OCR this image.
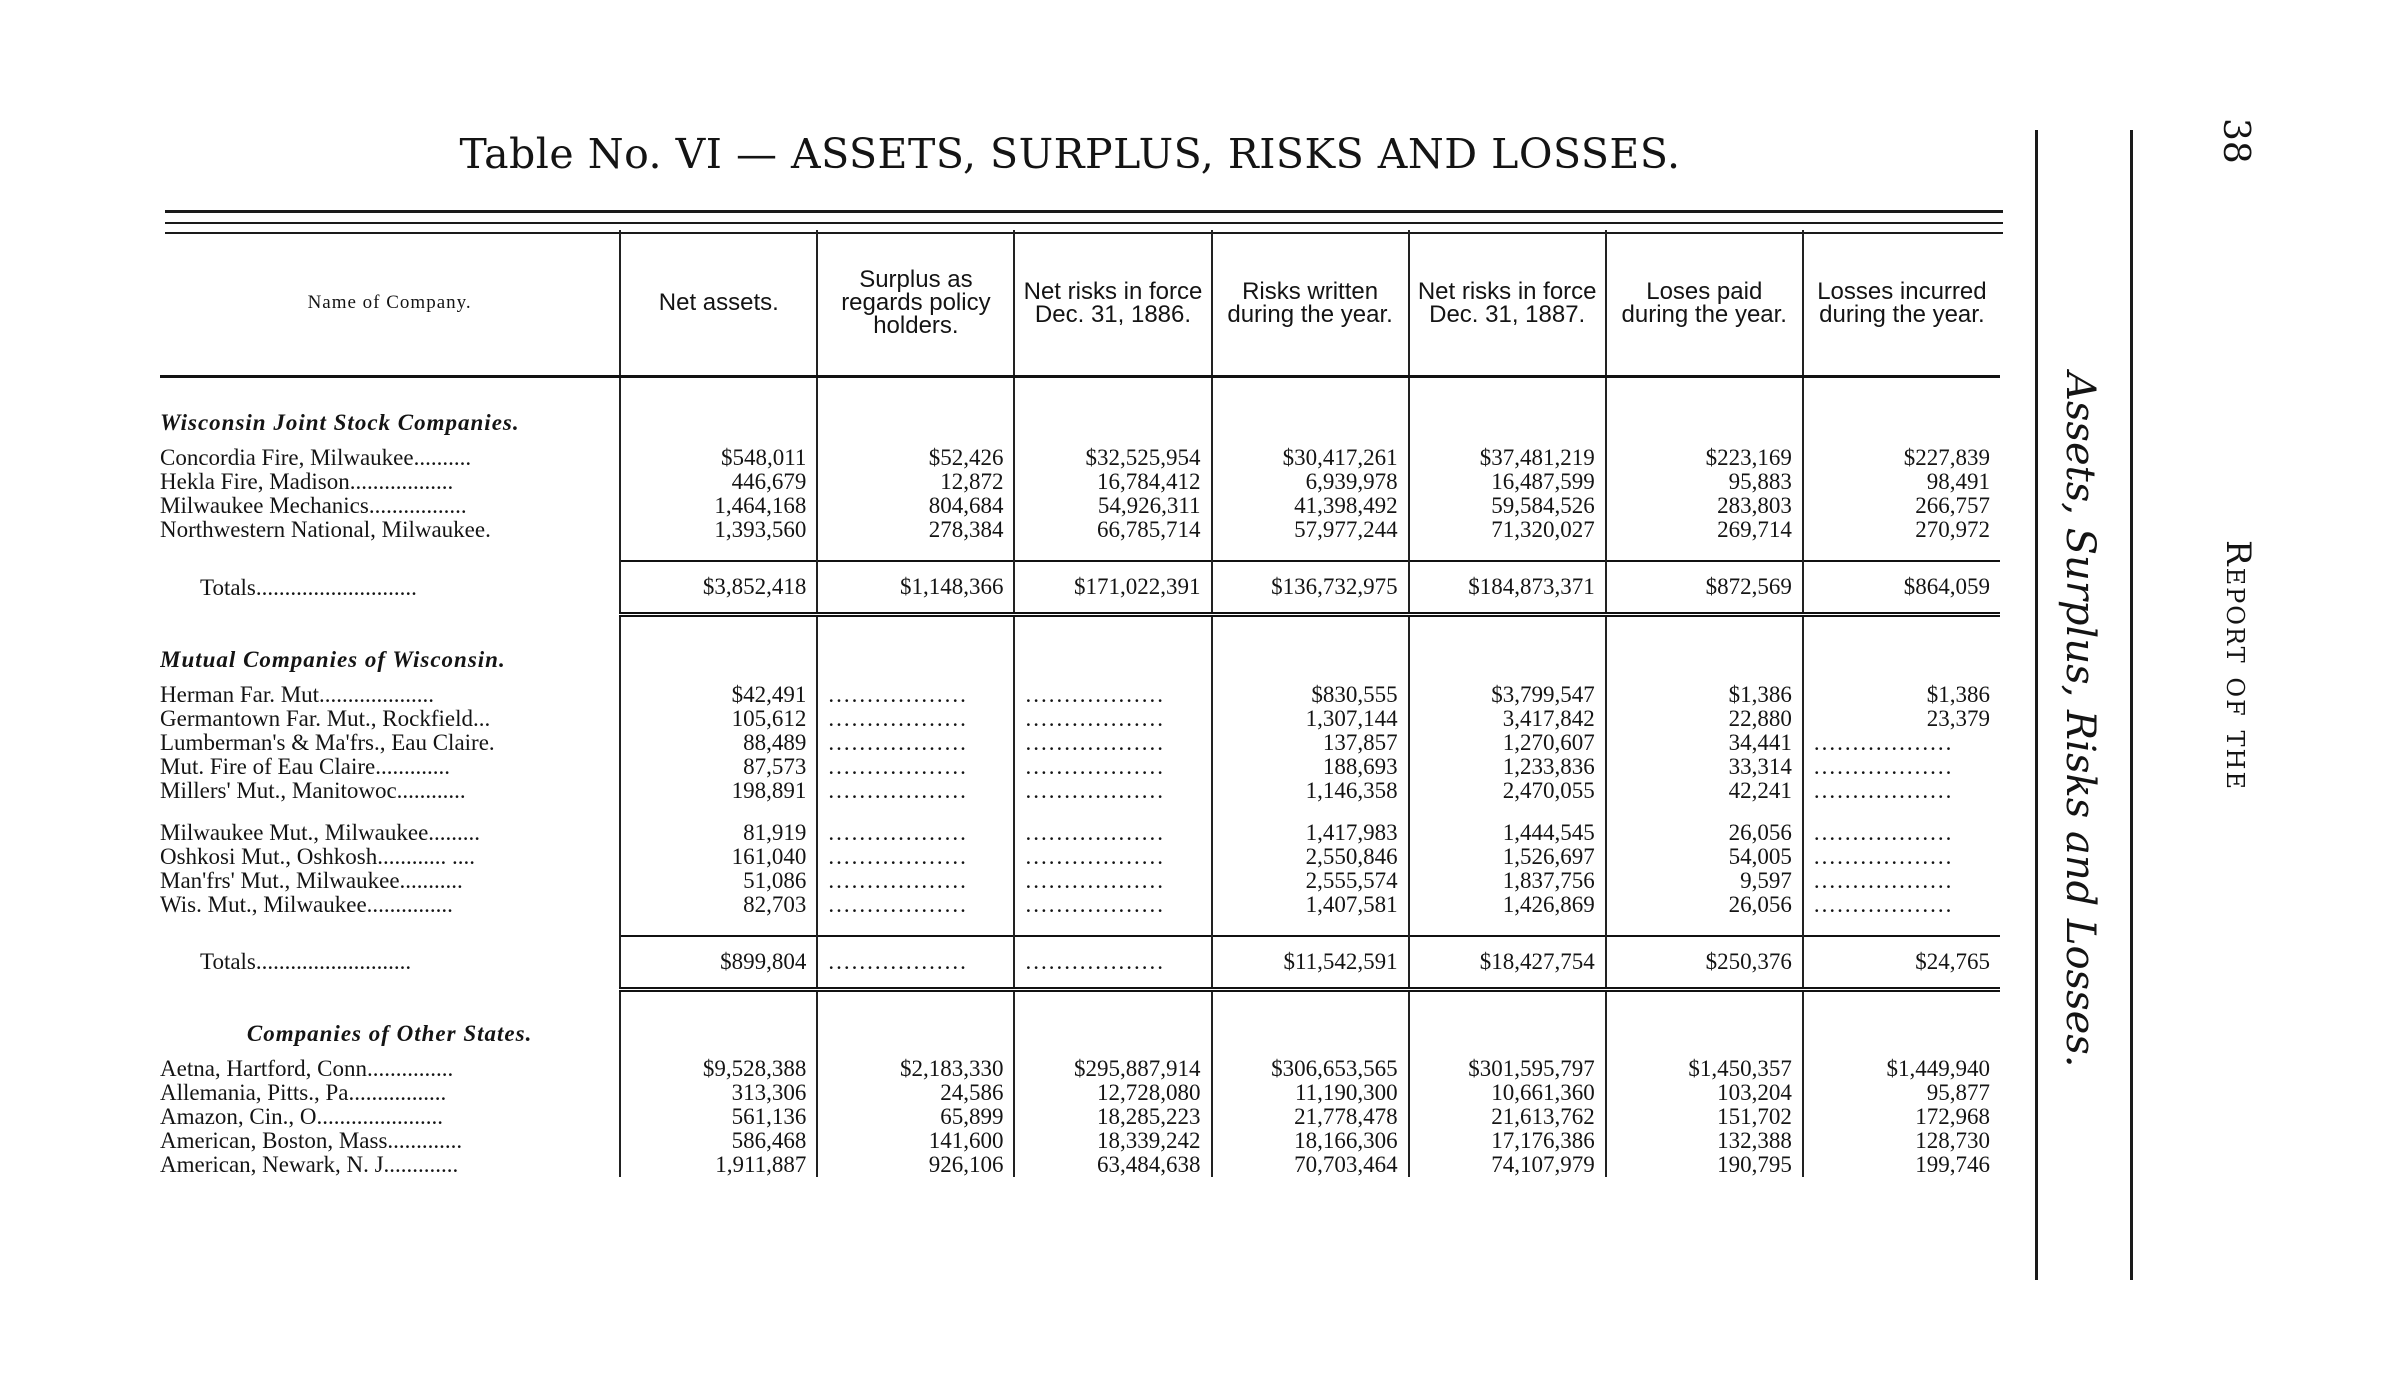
Table No. VI — ASSETS, SURPLUS, RISKS AND LOSSES.
Name of Company.	Net assets.	Surplus as regards policy holders.	Net risks in force Dec. 31, 1886.	Risks written during the year.	Net risks in force Dec. 31, 1887.	Loses paid during the year.	Losses incurred during the year.
Wisconsin Joint Stock Companies.							
Concordia Fire, Milwaukee..........	$548,011	$52,426	$32,525,954	$30,417,261	$37,481,219	$223,169	$227,839
Hekla Fire, Madison..................	446,679	12,872	16,784,412	6,939,978	16,487,599	95,883	98,491
Milwaukee Mechanics.................	1,464,168	804,684	54,926,311	41,398,492	59,584,526	283,803	266,757
Northwestern National, Milwaukee.	1,393,560	278,384	66,785,714	57,977,244	71,320,027	269,714	270,972

Totals............................	$3,852,418	$1,148,366	$171,022,391	$136,732,975	$184,873,371	$872,569	$864,059
Mutual Companies of Wisconsin.							
Herman Far. Mut....................	$42,491	..................	..................	$830,555	$3,799,547	$1,386	$1,386
Germantown Far. Mut., Rockfield...	105,612	..................	..................	1,307,144	3,417,842	22,880	23,379
Lumberman's & Ma'frs., Eau Claire.	88,489	..................	..................	137,857	1,270,607	34,441	..................
Mut. Fire of Eau Claire.............	87,573	..................	..................	188,693	1,233,836	33,314	..................
Millers' Mut., Manitowoc............	198,891	..................	..................	1,146,358	2,470,055	42,241	..................

Milwaukee Mut., Milwaukee.........	81,919	..................	..................	1,417,983	1,444,545	26,056	..................
Oshkosi Mut., Oshkosh............ ....	161,040	..................	..................	2,550,846	1,526,697	54,005	..................
Man'frs' Mut., Milwaukee...........	51,086	..................	..................	2,555,574	1,837,756	9,597	..................
Wis. Mut., Milwaukee...............	82,703	..................	..................	1,407,581	1,426,869	26,056	..................

Totals...........................	$899,804	..................	..................	$11,542,591	$18,427,754	$250,376	$24,765
Companies of Other States.							
Aetna, Hartford, Conn...............	$9,528,388	$2,183,330	$295,887,914	$306,653,565	$301,595,797	$1,450,357	$1,449,940
Allemania, Pitts., Pa.................	313,306	24,586	12,728,080	11,190,300	10,661,360	103,204	95,877
Amazon, Cin., O......................	561,136	65,899	18,285,223	21,778,478	21,613,762	151,702	172,968
American, Boston, Mass.............	586,468	141,600	18,339,242	18,166,306	17,176,386	132,388	128,730
American, Newark, N. J.............	1,911,887	926,106	63,484,638	70,703,464	74,107,979	190,795	199,746
Assets, Surplus, Risks and Losses.	Report of the
38
